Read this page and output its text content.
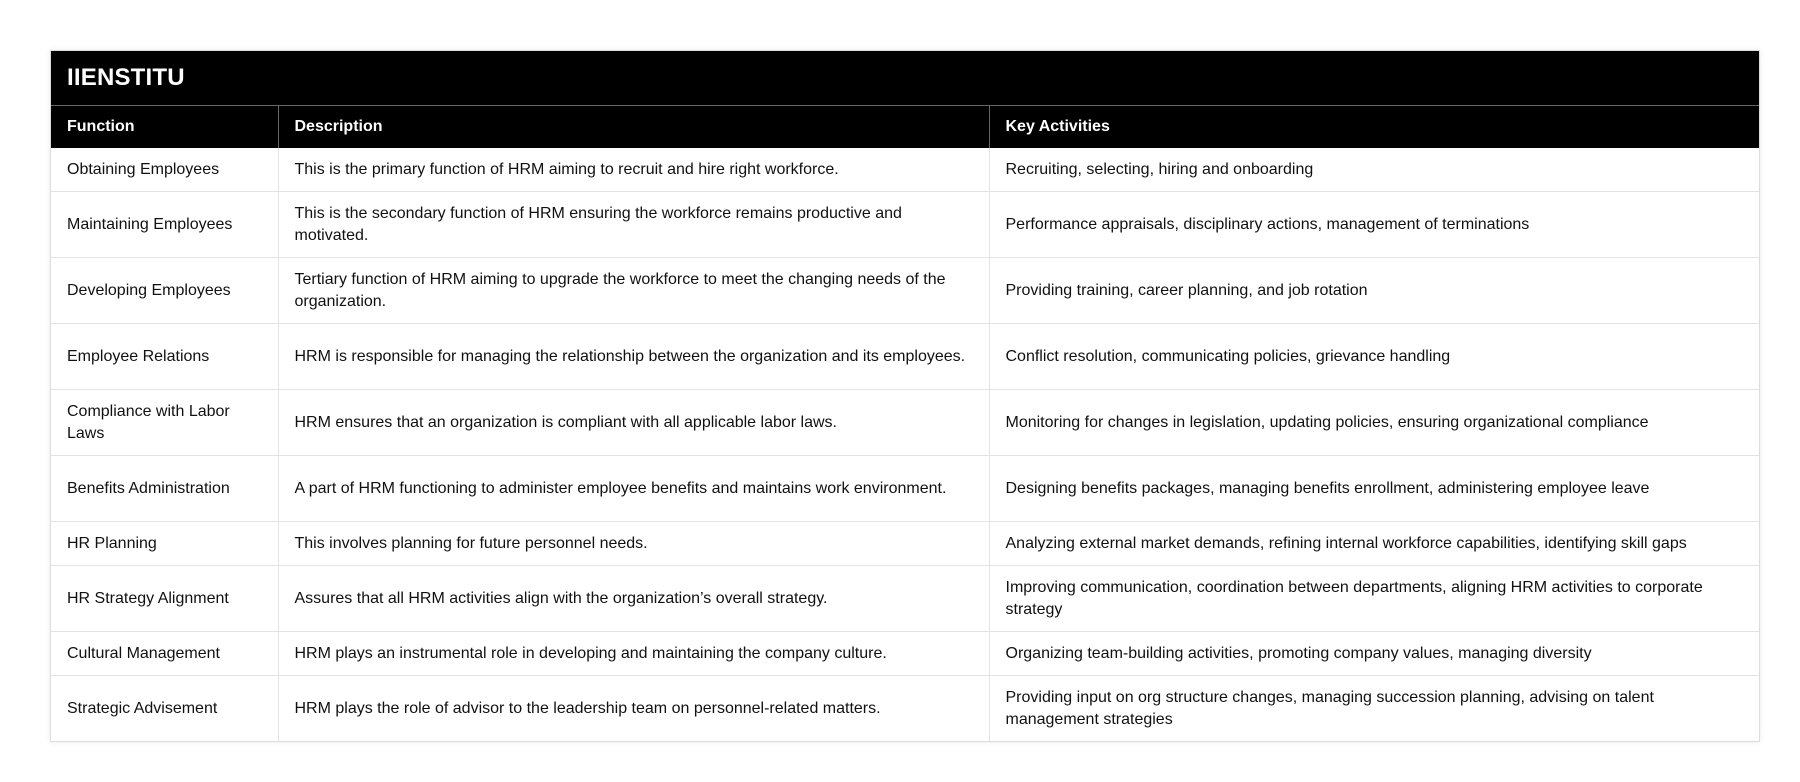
IIENSTITU
Function	Description	Key Activities
Obtaining Employees	This is the primary function of HRM aiming to recruit and hire right workforce.	Recruiting, selecting, hiring and onboarding
Maintaining Employees	This is the secondary function of HRM ensuring the workforce remains productive and motivated.	Performance appraisals, disciplinary actions, management of terminations
Developing Employees	Tertiary function of HRM aiming to upgrade the workforce to meet the changing needs of the organization.	Providing training, career planning, and job rotation
Employee Relations	HRM is responsible for managing the relationship between the organization and its employees.	Conflict resolution, communicating policies, grievance handling
Compliance with Labor Laws	HRM ensures that an organization is compliant with all applicable labor laws.	Monitoring for changes in legislation, updating policies, ensuring organizational compliance
Benefits Administration	A part of HRM functioning to administer employee benefits and maintains work environment.	Designing benefits packages, managing benefits enrollment, administering employee leave
HR Planning	This involves planning for future personnel needs.	Analyzing external market demands, refining internal workforce capabilities, identifying skill gaps
HR Strategy Alignment	Assures that all HRM activities align with the organization’s overall strategy.	Improving communication, coordination between departments, aligning HRM activities to corporate strategy
Cultural Management	HRM plays an instrumental role in developing and maintaining the company culture.	Organizing team-building activities, promoting company values, managing diversity
Strategic Advisement	HRM plays the role of advisor to the leadership team on personnel-related matters.	Providing input on org structure changes, managing succession planning, advising on talent management strategies
